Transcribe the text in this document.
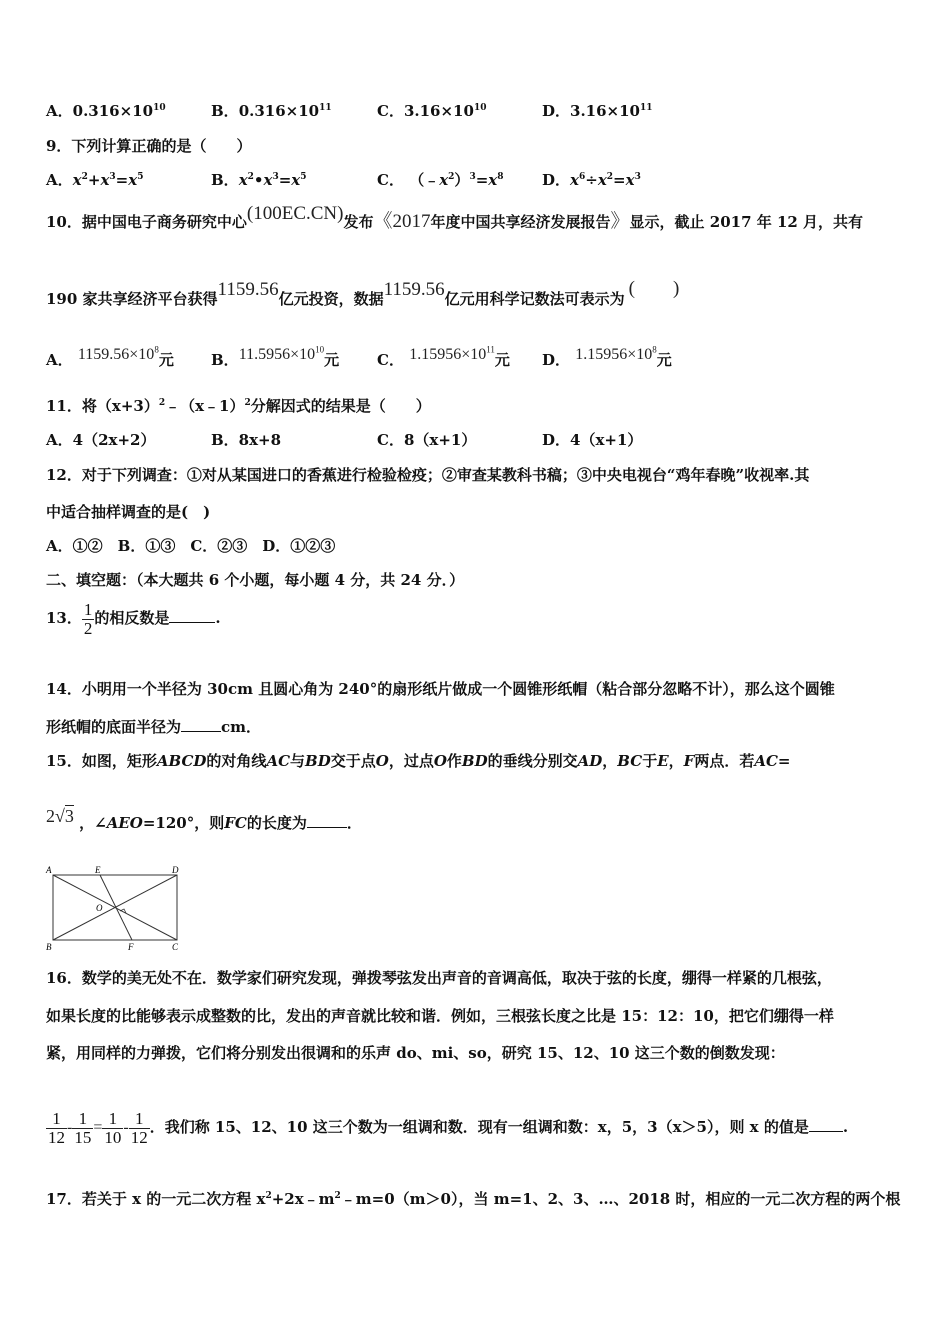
A．$0.316\times 10^{10}$	B．$0.316\times 10^{11}$	C．$3.16\times 10^{10}$	D．$3.16\times 10^{11}$
9．下列计算正确的是（　　）
A．$x^2+x^3=x^5$	B．$x^2•x^3=x^5$	C． $(﹣x^2)^3=x^8$	D．$x^6\div x^2=x^3$
10．据中国电子商务研究中心(100EC.CN)发布《2017年度中国共享经济发展报告》显示，截止 2017 年 12 月，共有
190 家共享经济平台获得1159.56亿元投资，数据1159.56亿元用科学记数法可表示为 (　　)
A． $1159.56\times 10^8$元 B．$11.5956\times 10^{10}$元	C． $1.15956\times 10^{11}$元 D． $1.15956\times 10^8$元
11．将$(x+3)^2﹣(x﹣1)^2$分解因式的结果是（　　）
A．4（2x+2）	B．8x+8	C．8（x+1）	D．4（x+1）
12．对于下列调查：①对从某国进口的香蕉进行检验检疫；②审查某教科书稿；③中央电视台“鸡年春晚”收视率.其
中适合抽样调查的是(　)
A．①②　B．①③　C．②③　D．①②③
二、填空题：（本大题共 6 个小题，每小题 4 分，共 24 分．）
13． $\frac{1}{2}$ 的相反数是	.
14．小明用一个半径为 30cm 且圆心角为 240°的扇形纸片做成一个圆锥形纸帽（粘合部分忽略不计），那么这个圆锥
形纸帽的底面半径为	cm．
15．如图，矩形ABCD的对角线AC与BD交于点O，过点O作BD的垂线分别交AD，BC于E，F两点．若AC=
2√3 ，∠AEO=120°，则FC的长度为	．
A	E	D
O
B	F	C
16．数学的美无处不在．数学家们研究发现，弹拨琴弦发出声音的音调高低，取决于弦的长度，绷得一样紧的几根弦，
如果长度的比能够表示成整数的比，发出的声音就比较和谐．例如，三根弦长度之比是 15：12：10，把它们绷得一样
紧，用同样的力弹拨，它们将分别发出很调和的乐声 do、mi、so，研究 15、12、10 这三个数的倒数发现：
$\frac{1}{12} - \frac{1}{15} = \frac{1}{10} - \frac{1}{12}$ ．我们称 15、12、10 这三个数为一组调和数．现有一组调和数：x，5，3（x＞5），则 x 的值是 .
17．若关于 x 的一元二次方程 $x^2+2x﹣m^2﹣m=0(m>0)$，当 m=1、2、3、…、2018 时，相应的一元二次方程的两个根
